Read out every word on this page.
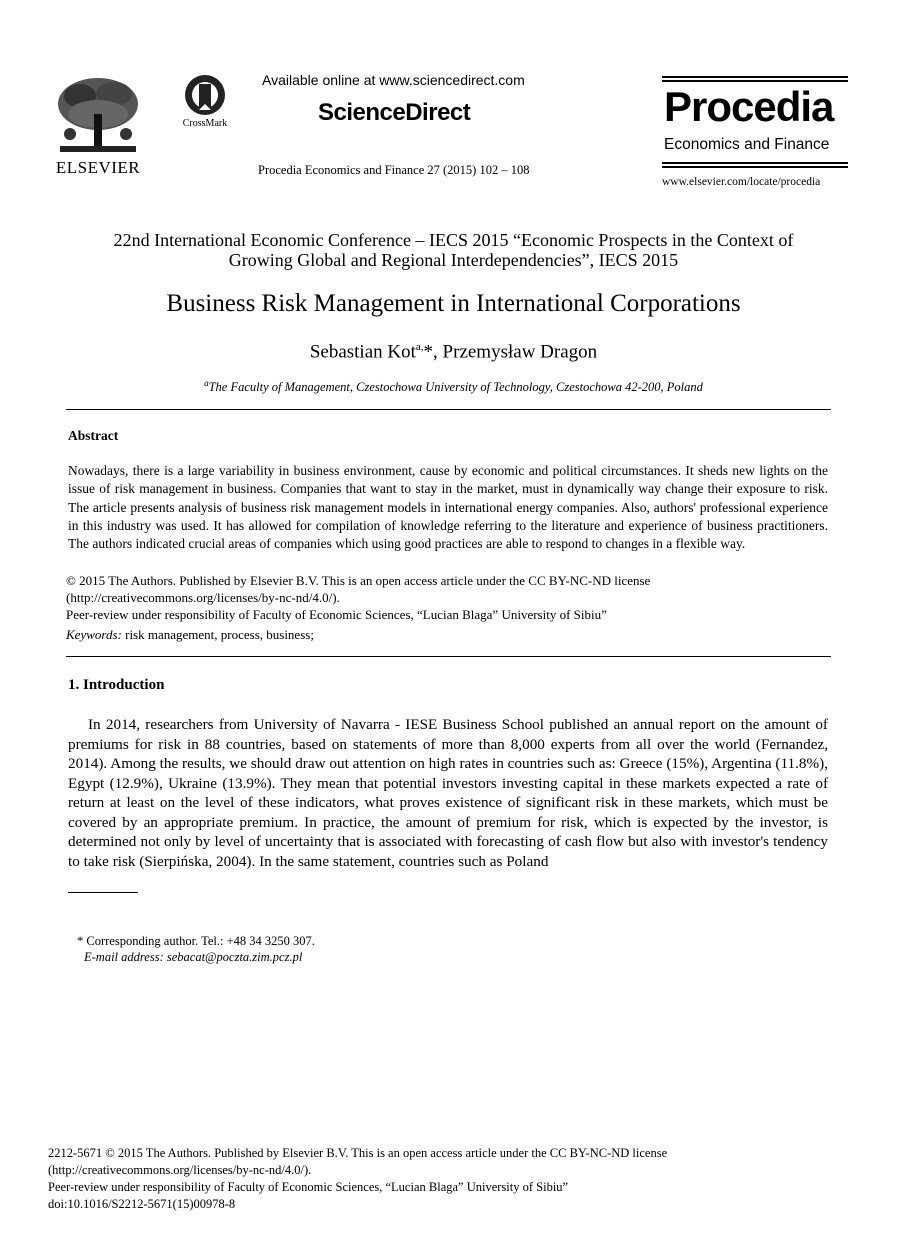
ELSEVIER
CrossMark
Available online at www.sciencedirect.com
ScienceDirect
Procedia Economics and Finance 27 (2015) 102 – 108
Procedia
Economics and Finance
www.elsevier.com/locate/procedia
22nd International Economic Conference – IECS 2015 “Economic Prospects in the Context of
Growing Global and Regional Interdependencies”, IECS 2015
Business Risk Management in International Corporations
Sebastian Kot$^{a,}$*, Przemysław Dragon
$^a$The Faculty of Management, Czestochowa University of Technology, Czestochowa 42-200, Poland
Abstract
Nowadays, there is a large variability in business environment, cause by economic and political circumstances. It sheds new lights on the issue of risk management in business. Companies that want to stay in the market, must in dynamically way change their exposure to risk. The article presents analysis of business risk management models in international energy companies. Also, authors' professional experience in this industry was used. It has allowed for compilation of knowledge referring to the literature and experience of business practitioners. The authors indicated crucial areas of companies which using good practices are able to respond to changes in a flexible way.
© 2015 The Authors. Published by Elsevier B.V. This is an open access article under the CC BY-NC-ND license
(http://creativecommons.org/licenses/by-nc-nd/4.0/).
Peer-review under responsibility of Faculty of Economic Sciences, “Lucian Blaga” University of Sibiu”
Keywords: risk management, process, business;
1. Introduction
In 2014, researchers from University of Navarra - IESE Business School published an annual report on the amount of premiums for risk in 88 countries, based on statements of more than 8,000 experts from all over the world (Fernandez, 2014). Among the results, we should draw out attention on high rates in countries such as: Greece (15%), Argentina (11.8%), Egypt (12.9%), Ukraine (13.9%). They mean that potential investors investing capital in these markets expected a rate of return at least on the level of these indicators, what proves existence of significant risk in these markets, which must be covered by an appropriate premium. In practice, the amount of premium for risk, which is expected by the investor, is determined not only by level of uncertainty that is associated with forecasting of cash flow but also with investor's tendency to take risk (Sierpińska, 2004). In the same statement, countries such as Poland
* Corresponding author. Tel.: +48 34 3250 307.
E-mail address: sebacat@poczta.zim.pcz.pl
2212-5671 © 2015 The Authors. Published by Elsevier B.V. This is an open access article under the CC BY-NC-ND license
(http://creativecommons.org/licenses/by-nc-nd/4.0/).
Peer-review under responsibility of Faculty of Economic Sciences, “Lucian Blaga” University of Sibiu”
doi:10.1016/S2212-5671(15)00978-8
